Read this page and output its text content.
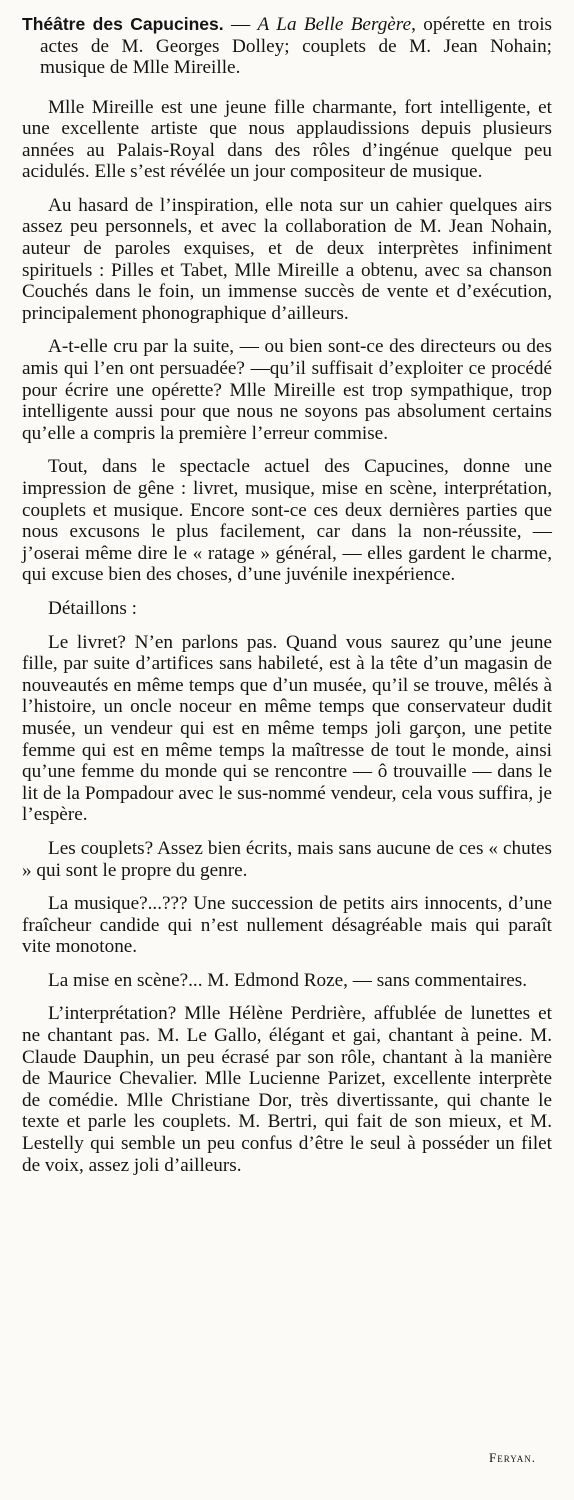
Théâtre des Capucines. — A La Belle Bergère, opérette en trois actes de M. Georges Dolley; couplets de M. Jean Nohain; musique de Mlle Mireille.

Mlle Mireille est une jeune fille charmante, fort intelligente, et une excellente artiste que nous applaudissions depuis plusieurs années au Palais-Royal dans des rôles d’ingénue quelque peu acidulés. Elle s’est révélée un jour compositeur de musique.

Au hasard de l’inspiration, elle nota sur un cahier quelques airs assez peu personnels, et avec la collaboration de M. Jean Nohain, auteur de paroles exquises, et de deux interprètes infiniment spirituels : Pilles et Tabet, Mlle Mireille a obtenu, avec sa chanson Couchés dans le foin, un immense succès de vente et d’exécution, principalement phonographique d’ailleurs.

A-t-elle cru par la suite, — ou bien sont-ce des directeurs ou des amis qui l’en ont persuadée? —qu’il suffisait d’exploiter ce procédé pour écrire une opérette? Mlle Mireille est trop sympathique, trop intelligente aussi pour que nous ne soyons pas absolument certains qu’elle a compris la première l’erreur commise.

Tout, dans le spectacle actuel des Capucines, donne une impression de gêne : livret, musique, mise en scène, interprétation, couplets et musique. Encore sont-ce ces deux dernières parties que nous excusons le plus facilement, car dans la non-réussite, — j’oserai même dire le « ratage » général, — elles gardent le charme, qui excuse bien des choses, d’une juvénile inexpérience.

Détaillons :

Le livret? N’en parlons pas. Quand vous saurez qu’une jeune fille, par suite d’artifices sans habileté, est à la tête d’un magasin de nouveautés en même temps que d’un musée, qu’il se trouve, mêlés à l’histoire, un oncle noceur en même temps que conservateur dudit musée, un vendeur qui est en même temps joli garçon, une petite femme qui est en même temps la maîtresse de tout le monde, ainsi qu’une femme du monde qui se rencontre — ô trouvaille — dans le lit de la Pompadour avec le sus-nommé vendeur, cela vous suffira, je l’espère.

Les couplets? Assez bien écrits, mais sans aucune de ces « chutes » qui sont le propre du genre.

La musique?...??? Une succession de petits airs innocents, d’une fraîcheur candide qui n’est nullement désagréable mais qui paraît vite monotone.

La mise en scène?... M. Edmond Roze, — sans commentaires.

L’interprétation? Mlle Hélène Perdrière, affublée de lunettes et ne chantant pas. M. Le Gallo, élégant et gai, chantant à peine. M. Claude Dauphin, un peu écrasé par son rôle, chantant à la manière de Maurice Chevalier. Mlle Lucienne Parizet, excellente interprète de comédie. Mlle Christiane Dor, très divertissante, qui chante le texte et parle les couplets. M. Bertri, qui fait de son mieux, et M. Lestelly qui semble un peu confus d’être le seul à posséder un filet de voix, assez joli d’ailleurs.

Feryan.
